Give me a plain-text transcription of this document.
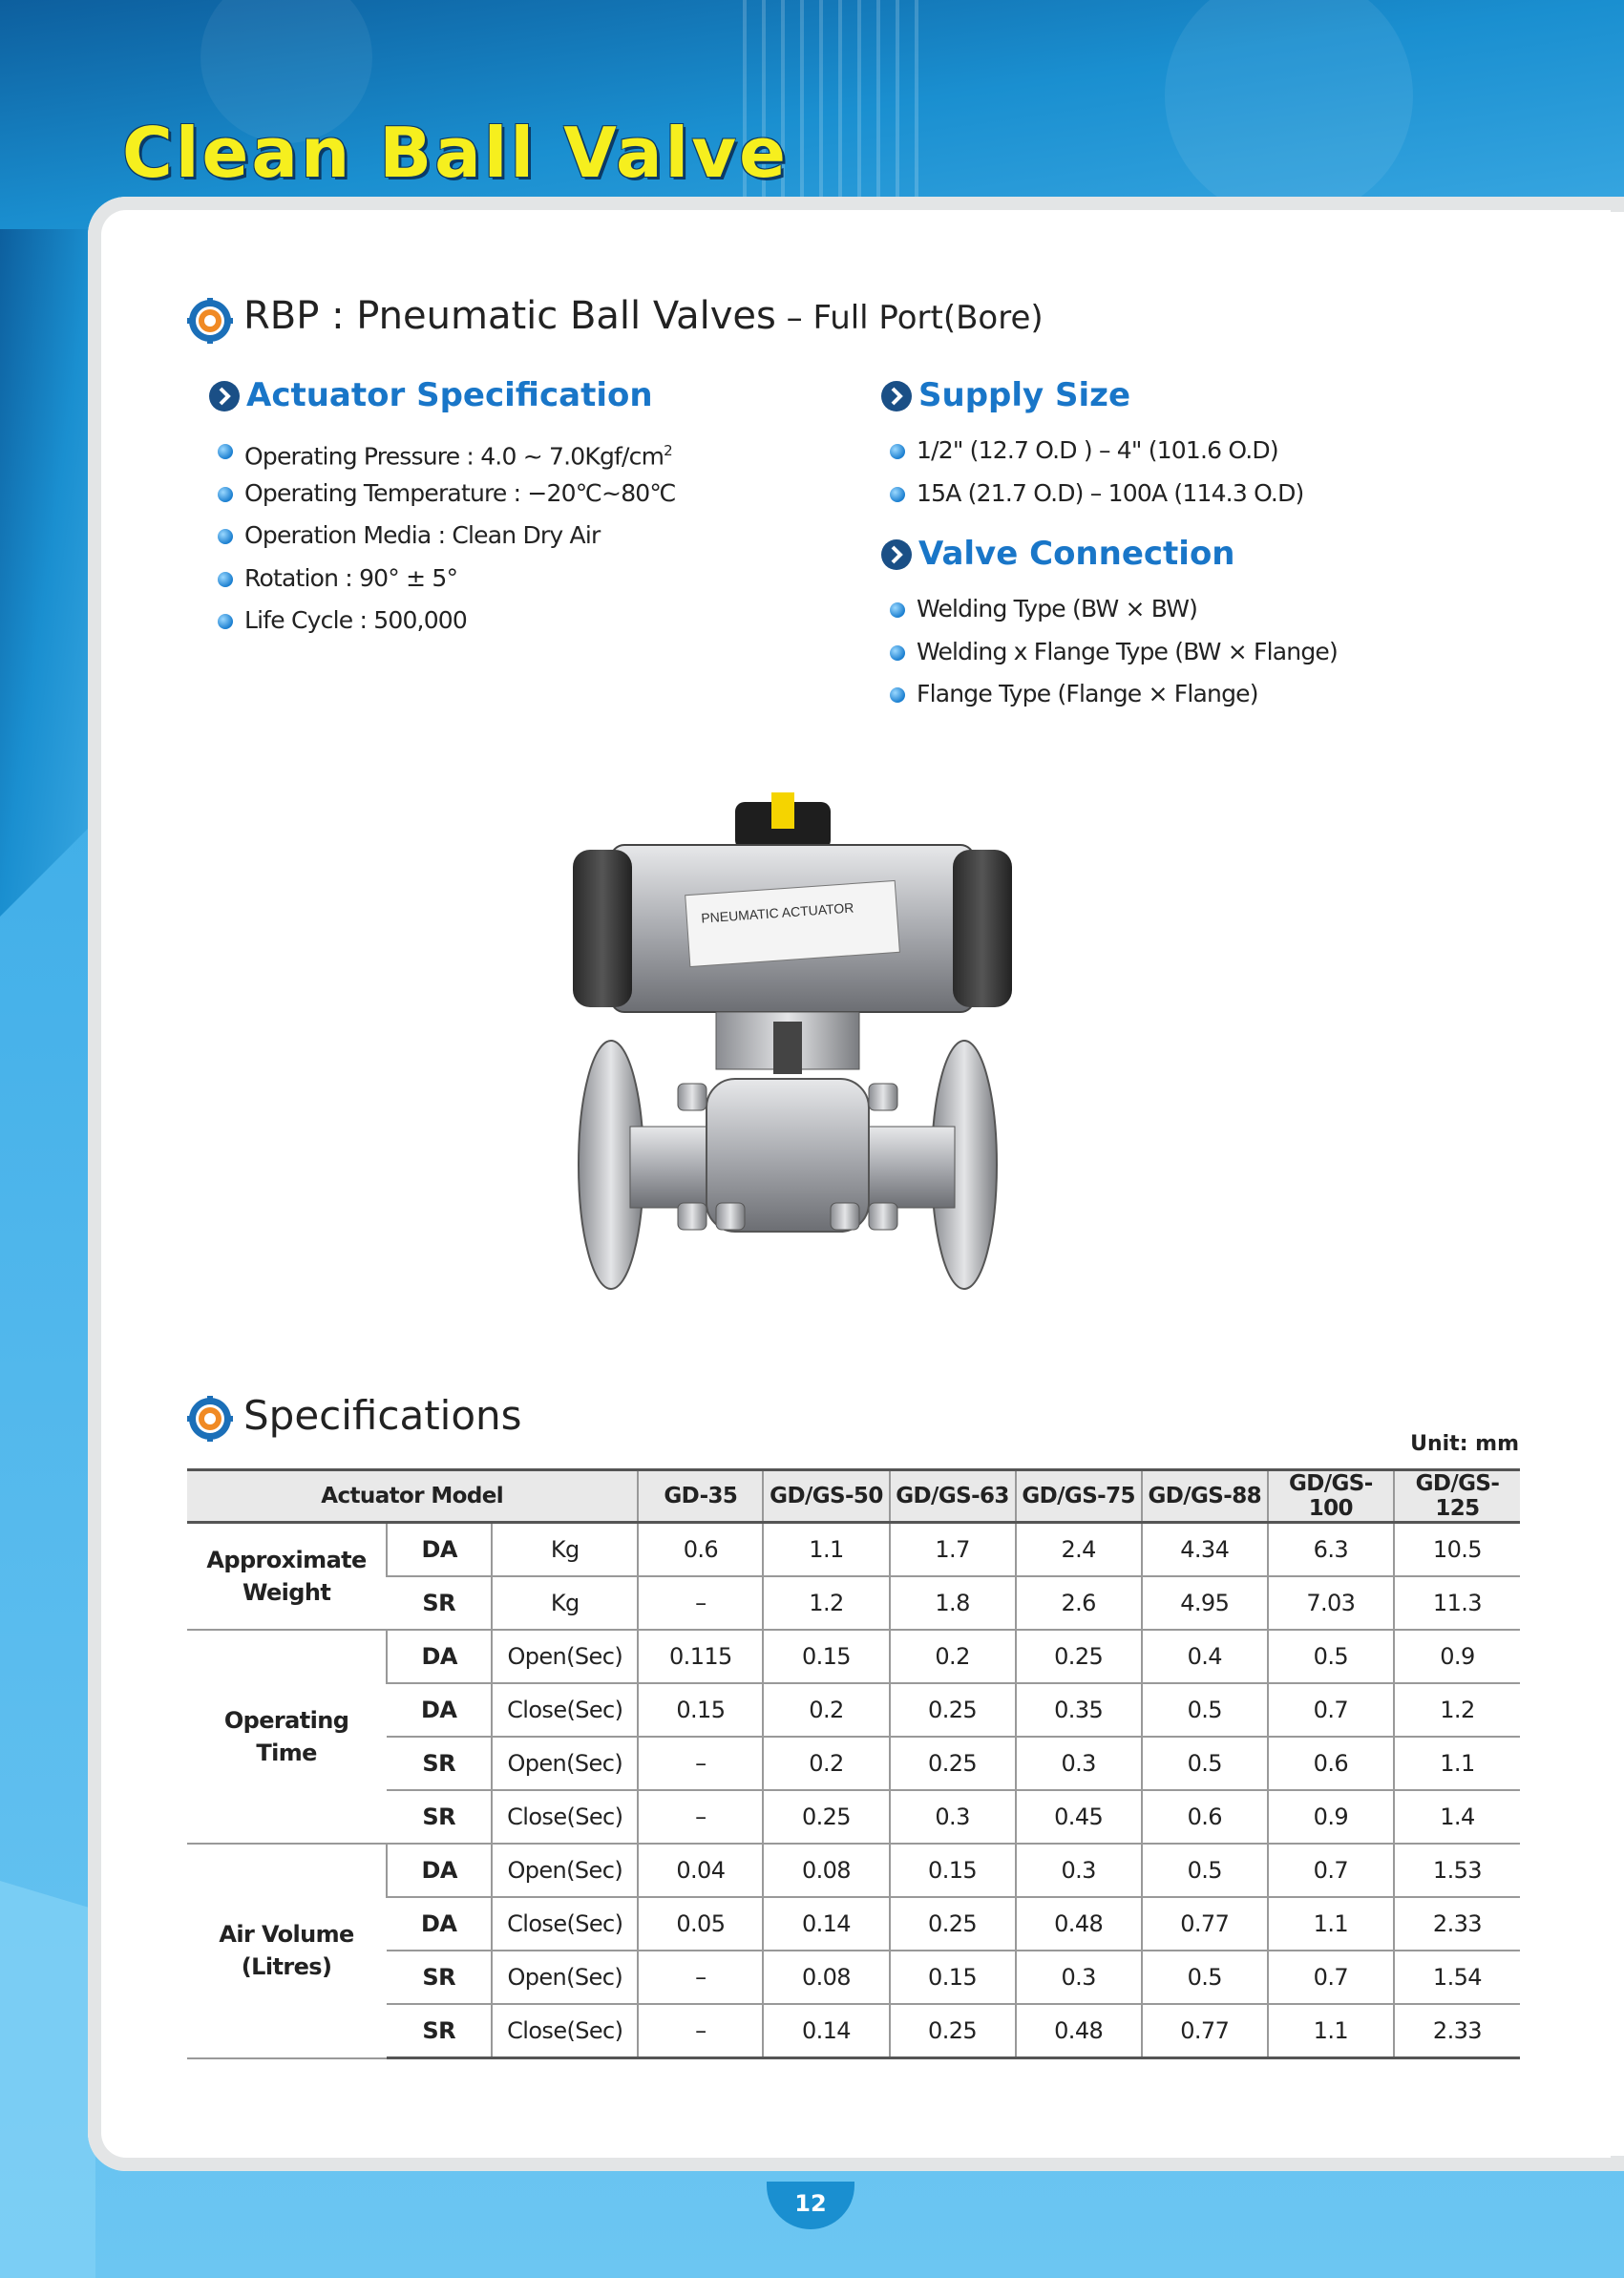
Clean Ball Valve
RBP : Pneumatic Ball Valves – Full Port(Bore)
Actuator Specification
Operating Pressure : 4.0 ~ $7.0Kgf/cm^2$
Operating Temperature : −20℃~80℃
Operation Media : Clean Dry Air
Rotation : 90° ± 5°
Life Cycle : 500,000
Supply Size
1/2" (12.7 O.D ) – 4" (101.6 O.D)
15A (21.7 O.D) – 100A (114.3 O.D)
Valve Connection
Welding Type (BW × BW)
Welding x Flange Type (BW × Flange)
Flange Type (Flange × Flange)
PNEUMATIC ACTUATOR
Specifications
Unit: mm
Actuator Model			GD-35	GD/GS-50	GD/GS-63	GD/GS-75	GD/GS-88	GD/GS-100	GD/GS-125
Approximate
Weight	DA	Kg	0.6	1.1	1.7	2.4	4.34	6.3	10.5
	SR	Kg	–	1.2	1.8	2.6	4.95	7.03	11.3
Operating
Time	DA	Open(Sec)	0.115	0.15	0.2	0.25	0.4	0.5	0.9
	DA	Close(Sec)	0.15	0.2	0.25	0.35	0.5	0.7	1.2
	SR	Open(Sec)	–	0.2	0.25	0.3	0.5	0.6	1.1
	SR	Close(Sec)	–	0.25	0.3	0.45	0.6	0.9	1.4
Air Volume
(Litres)	DA	Open(Sec)	0.04	0.08	0.15	0.3	0.5	0.7	1.53
	DA	Close(Sec)	0.05	0.14	0.25	0.48	0.77	1.1	2.33
	SR	Open(Sec)	–	0.08	0.15	0.3	0.5	0.7	1.54
	SR	Close(Sec)	–	0.14	0.25	0.48	0.77	1.1	2.33
12
